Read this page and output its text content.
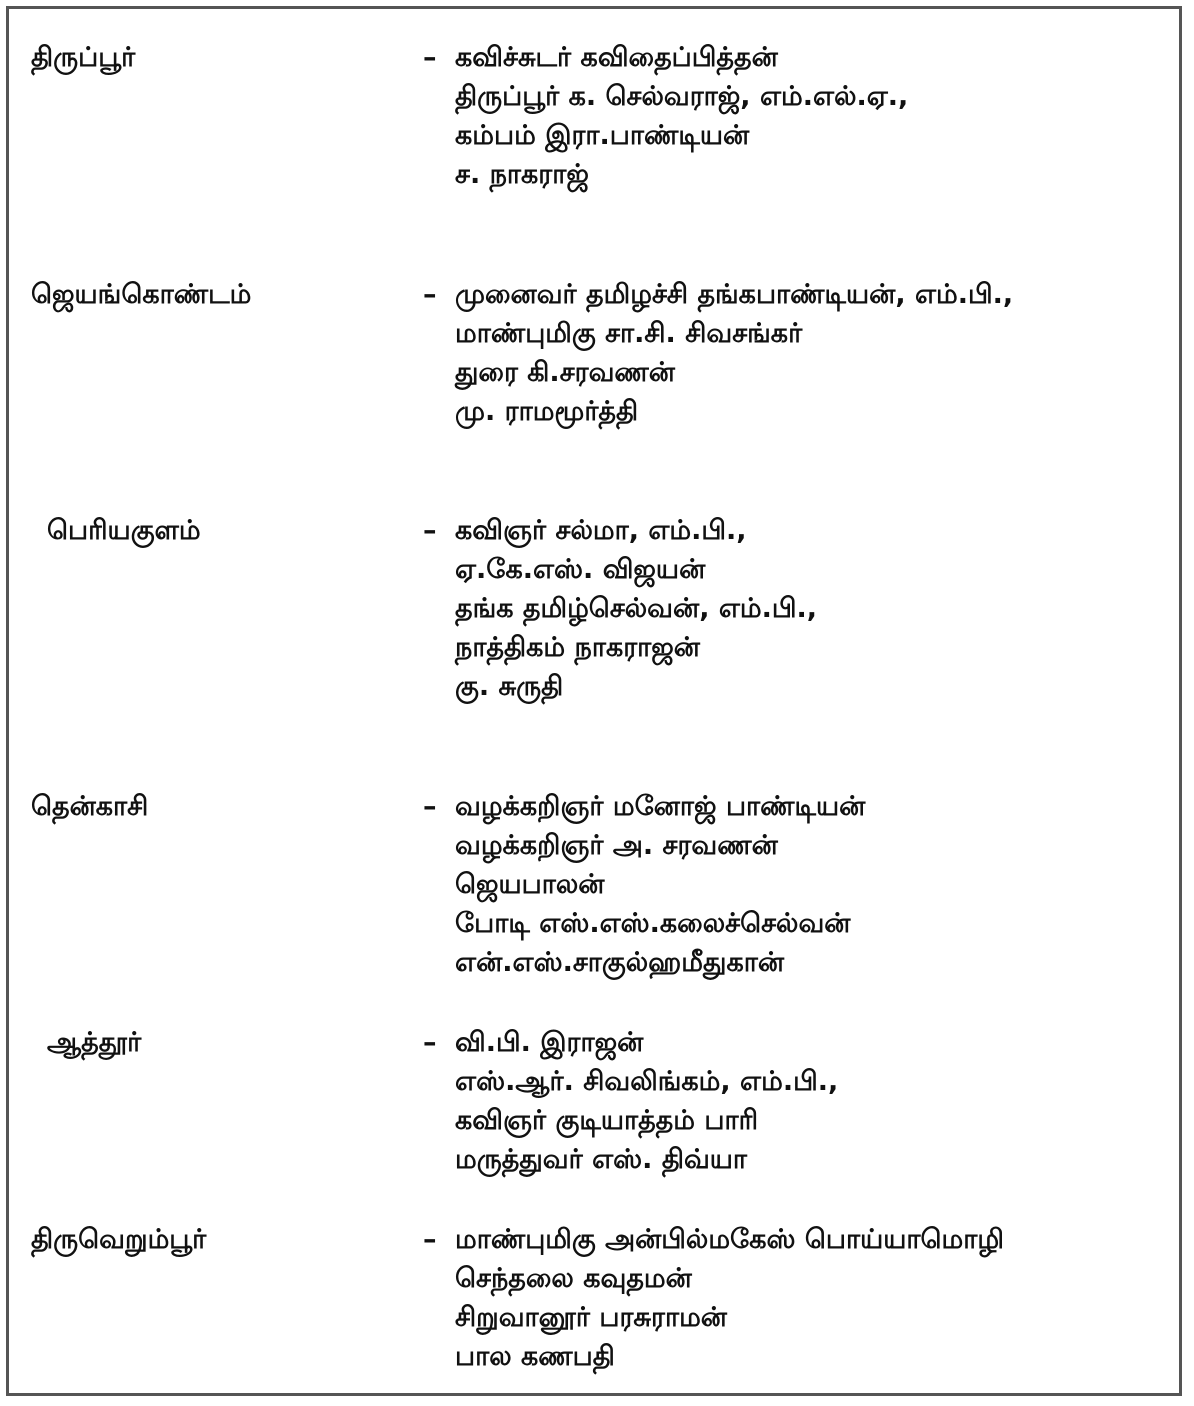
திருப்பூர்	– கவிச்சுடர் கவிதைப்பித்தன்
திருப்பூர் க. செல்வராஜ், எம்.எல்.ஏ.,
கம்பம் இரா.பாண்டியன்
ச. நாகராஜ்
ஜெயங்கொண்டம்	– முனைவர் தமிழச்சி தங்கபாண்டியன், எம்.பி.,
மாண்புமிகு சா.சி. சிவசங்கர்
துரை கி.சரவணன்
மு. ராமமூர்த்தி
பெரியகுளம்	– கவிஞர் சல்மா, எம்.பி.,
ஏ.கே.எஸ். விஜயன்
தங்க தமிழ்செல்வன், எம்.பி.,
நாத்திகம் நாகராஜன்
கு. சுருதி
தென்காசி	– வழக்கறிஞர் மனோஜ் பாண்டியன்
வழக்கறிஞர் அ. சரவணன்
ஜெயபாலன்
போடி எஸ்.எஸ்.கலைச்செல்வன்
என்.எஸ்.சாகுல்ஹமீதுகான்
ஆத்தூர்	– வி.பி. இராஜன்
எஸ்.ஆர். சிவலிங்கம், எம்.பி.,
கவிஞர் குடியாத்தம் பாரி
மருத்துவர் எஸ். திவ்யா
திருவெறும்பூர்	– மாண்புமிகு அன்பில்மகேஸ் பொய்யாமொழி
செந்தலை கவுதமன்
சிறுவானூர் பரசுராமன்
பால கணபதி
